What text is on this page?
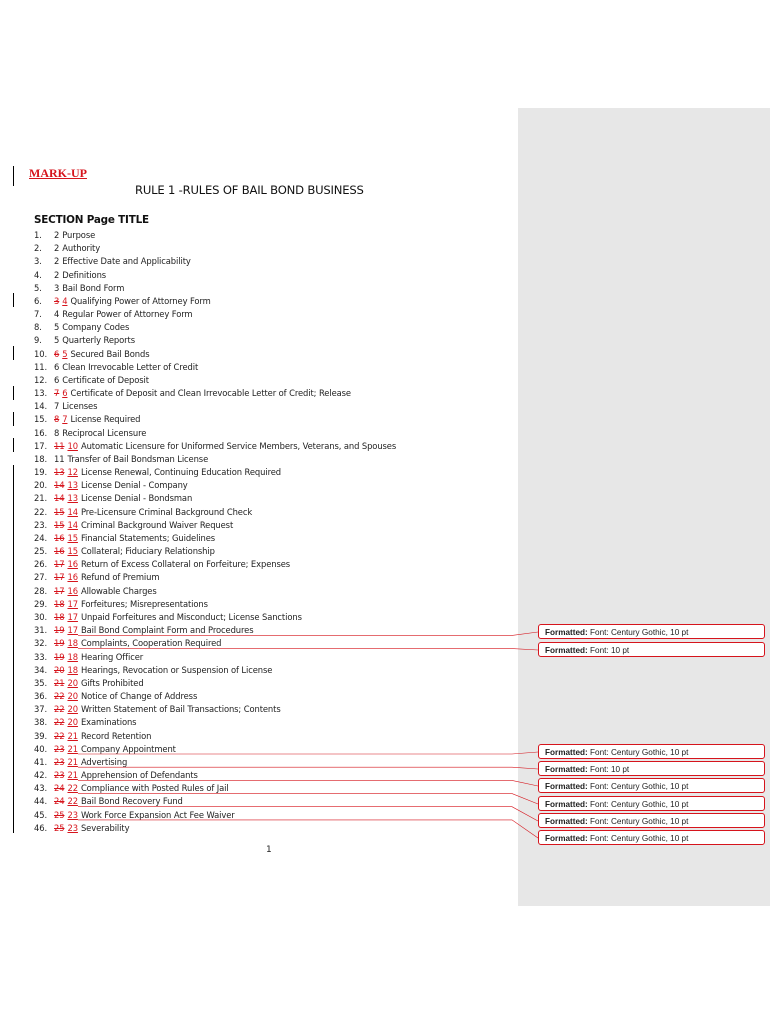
MARK-UP
RULE 1 -RULES OF BAIL BOND BUSINESS
SECTION Page TITLE
1. 2 Purpose
2. 2 Authority
3. 2 Effective Date and Applicability
4. 2 Definitions
5. 3 Bail Bond Form
6. 3 4 Qualifying Power of Attorney Form
7. 4 Regular Power of Attorney Form
8. 5 Company Codes
9. 5 Quarterly Reports
10. 6 5 Secured Bail Bonds
11. 6 Clean Irrevocable Letter of Credit
12. 6 Certificate of Deposit
13. 7 6 Certificate of Deposit and Clean Irrevocable Letter of Credit; Release
14. 7 Licenses
15. 8 7 License Required
16. 8 Reciprocal Licensure
17. 11 10 Automatic Licensure for Uniformed Service Members, Veterans, and Spouses
18. 11 Transfer of Bail Bondsman License
19. 13 12 License Renewal, Continuing Education Required
20. 14 13 License Denial - Company
21. 14 13 License Denial - Bondsman
22. 15 14 Pre-Licensure Criminal Background Check
23. 15 14 Criminal Background Waiver Request
24. 16 15 Financial Statements; Guidelines
25. 16 15 Collateral; Fiduciary Relationship
26. 17 16 Return of Excess Collateral on Forfeiture; Expenses
27. 17 16 Refund of Premium
28. 17 16 Allowable Charges
29. 18 17 Forfeitures; Misrepresentations
30. 18 17 Unpaid Forfeitures and Misconduct; License Sanctions
31. 19 17 Bail Bond Complaint Form and Procedures
32. 19 18 Complaints, Cooperation Required
33. 19 18 Hearing Officer
34. 20 18 Hearings, Revocation or Suspension of License
35. 21 20 Gifts Prohibited
36. 22 20 Notice of Change of Address
37. 22 20 Written Statement of Bail Transactions; Contents
38. 22 20 Examinations
39. 22 21 Record Retention
40. 23 21 Company Appointment
41. 23 21 Advertising
42. 23 21 Apprehension of Defendants
43. 24 22 Compliance with Posted Rules of Jail
44. 24 22 Bail Bond Recovery Fund
45. 25 23 Work Force Expansion Act Fee Waiver
46. 25 23 Severability
1
Formatted: Font: Century Gothic, 10 pt
Formatted: Font: 10 pt
Formatted: Font: Century Gothic, 10 pt
Formatted: Font: 10 pt
Formatted: Font: Century Gothic, 10 pt
Formatted: Font: Century Gothic, 10 pt
Formatted: Font: Century Gothic, 10 pt
Formatted: Font: Century Gothic, 10 pt
